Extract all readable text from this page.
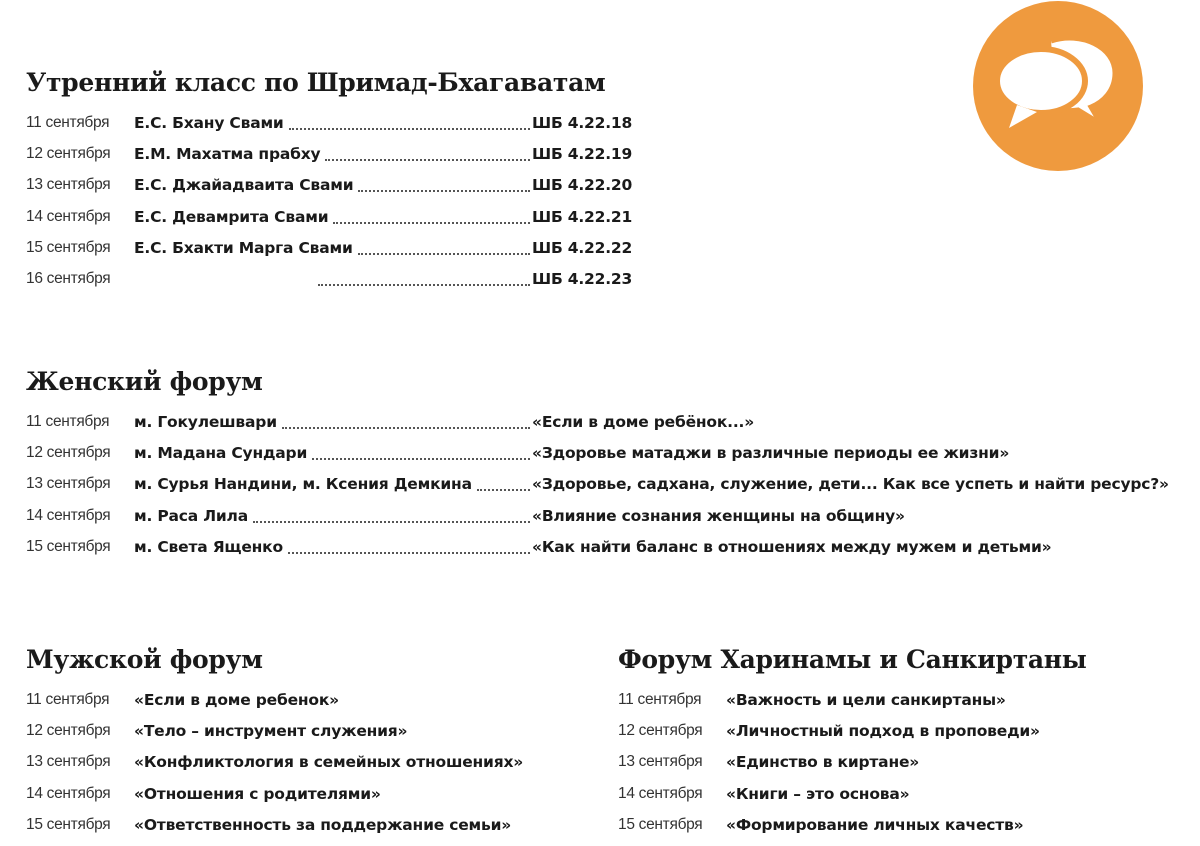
Утренний класс по Шримад-Бхагаватам
11 сентября Е.С. Бхану Свами	ШБ 4.22.18
12 сентября Е.М. Махатма прабху	ШБ 4.22.19
13 сентября Е.С. Джайадваита Свами	ШБ 4.22.20
14 сентября Е.С. Девамрита Свами	ШБ 4.22.21
15 сентября Е.С. Бхакти Марга Свами	ШБ 4.22.22
16 сентября	ШБ 4.22.23
Женский форум
11 сентября м. Гокулешвари	«Если в доме ребёнок...»
12 сентября м. Мадана Сундари	«Здоровье матаджи в различные периоды ее жизни»
13 сентября м. Сурья Нандини, м. Ксения Демкина	«Здоровье, садхана, служение, дети... Как все успеть и найти ресурс?»
14 сентября м. Раса Лила	«Влияние сознания женщины на общину»
15 сентября м. Света Ященко	«Как найти баланс в отношениях между мужем и детьми»
Мужской форум
11 сентября «Если в доме ребенок»
12 сентября «Тело – инструмент служения»
13 сентября «Конфликтология в семейных отношениях»
14 сентября «Отношения с родителями»
15 сентября «Ответственность за поддержание семьи»
Форум Харинамы и Санкиртаны
11 сентября «Важность и цели санкиртаны»
12 сентября «Личностный подход в проповеди»
13 сентября «Единство в киртане»
14 сентября «Книги – это основа»
15 сентября «Формирование личных качеств»
